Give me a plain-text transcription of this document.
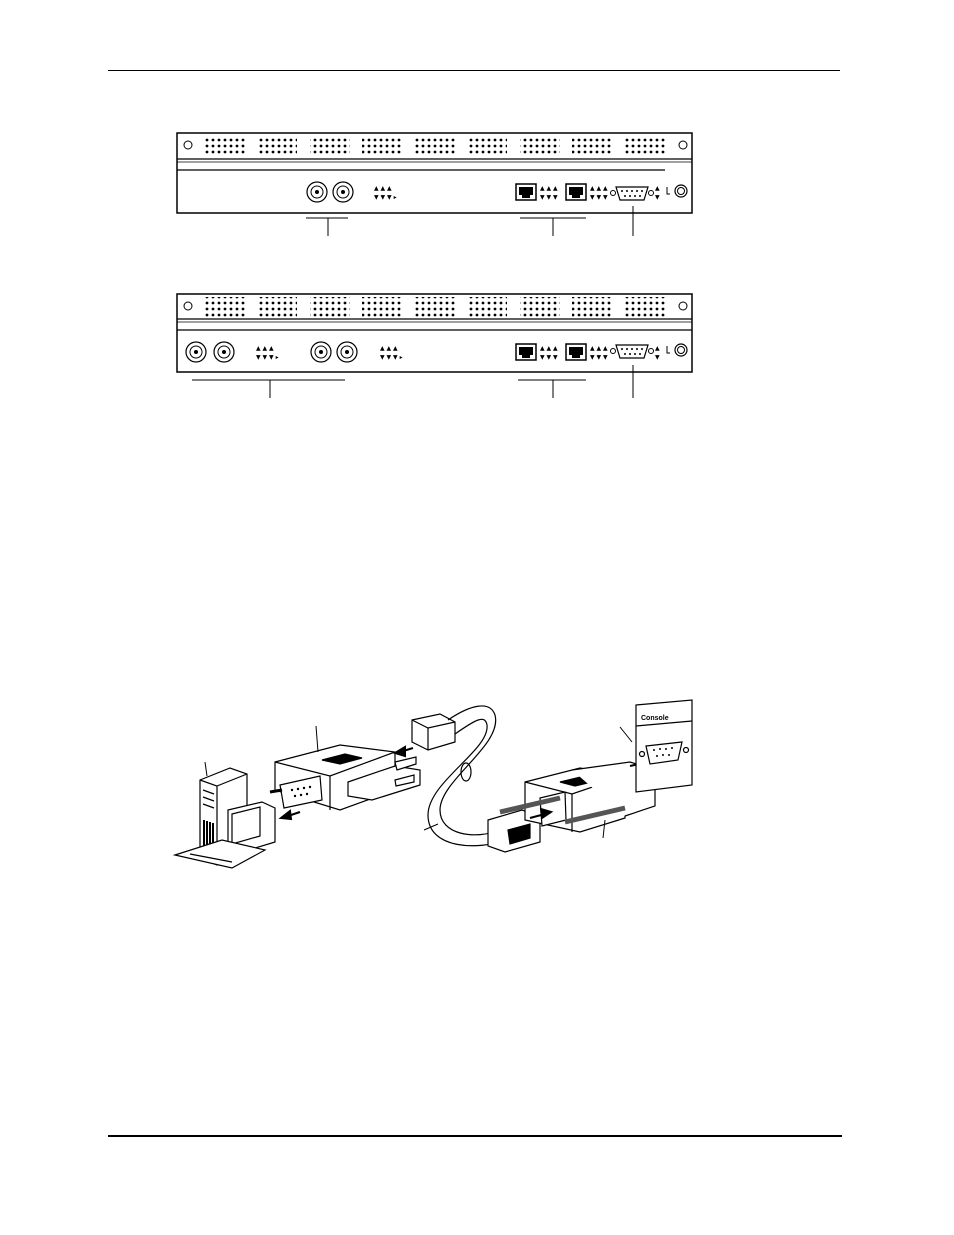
▲ ▲ ▲
▼ ▼ ▼ ▸
▲ ▲ ▲
▼ ▼ ▼
▲ ▲ ▲
▼ ▼ ▼
▲
▼
▲ ▲ ▲
▼ ▼ ▼ ▸
▲ ▲ ▲
▼ ▼ ▼ ▸
▲ ▲ ▲
▼ ▼ ▼
▲ ▲ ▲
▼ ▼ ▼
▲
▼
Console
